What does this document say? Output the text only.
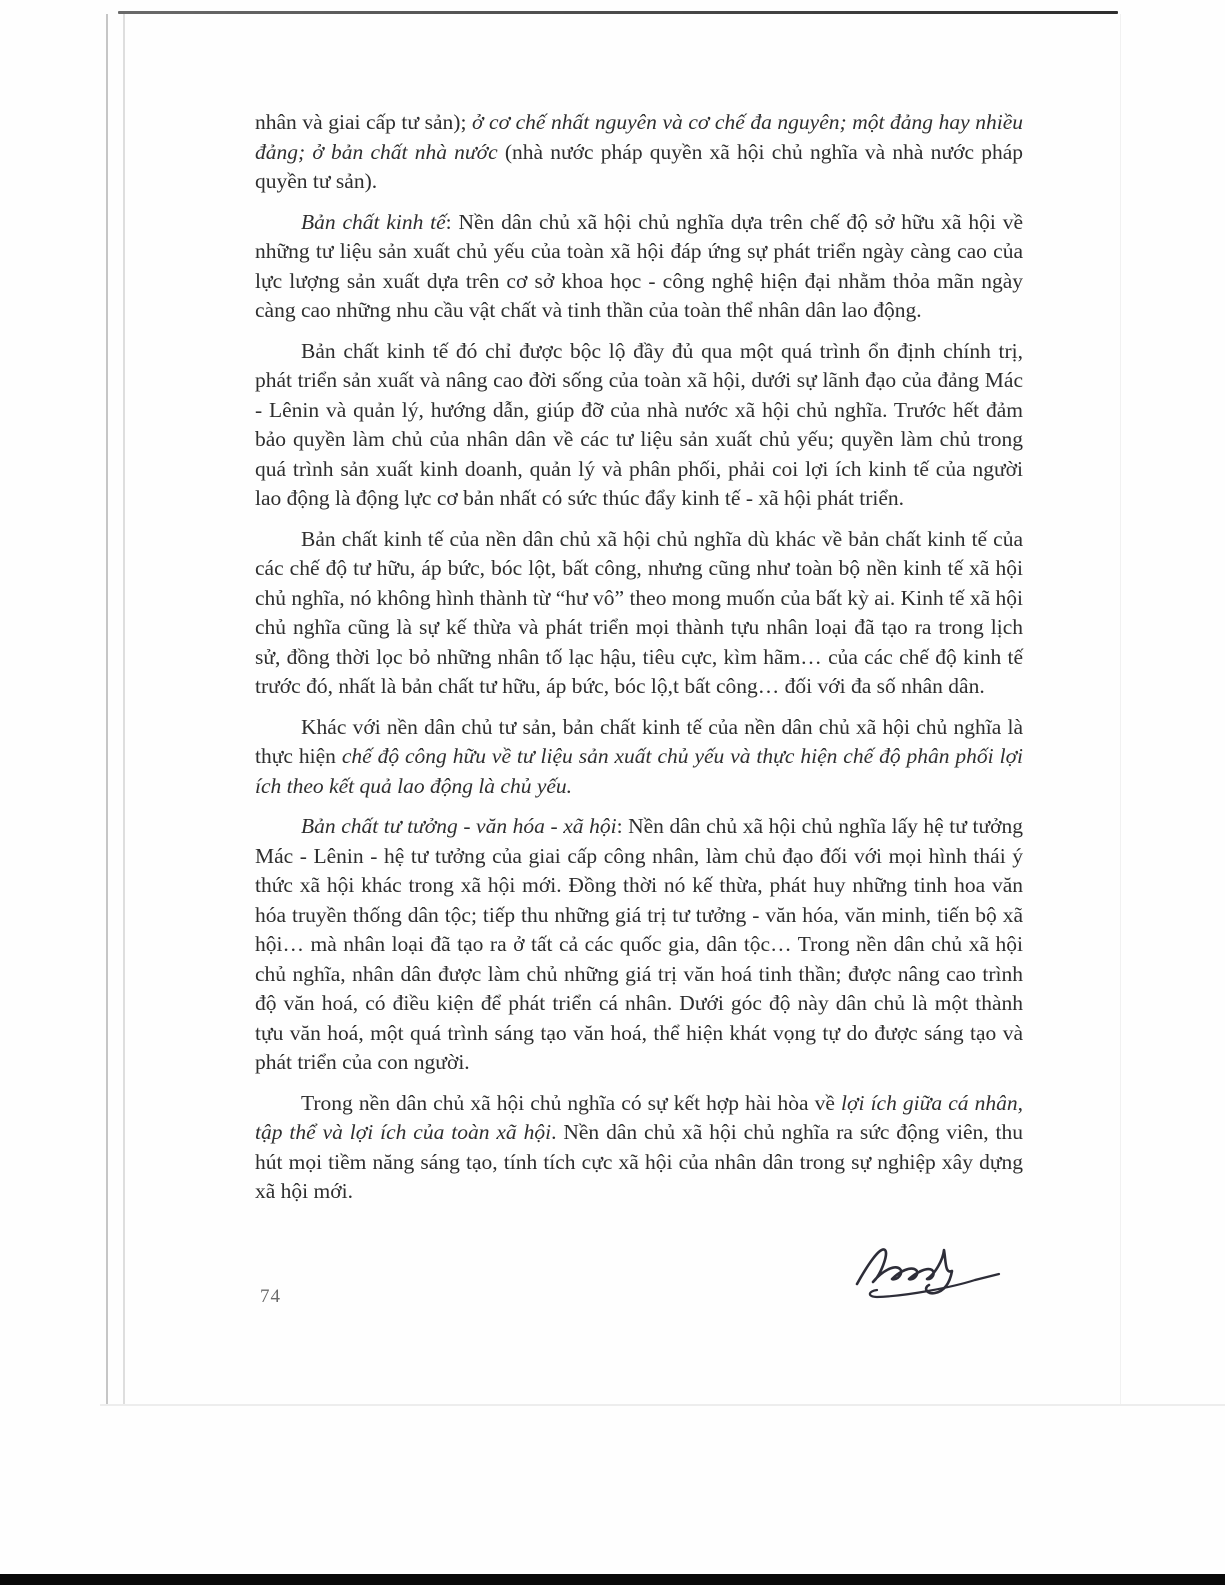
nhân và giai cấp tư sản); ở cơ chế nhất nguyên và cơ chế đa nguyên; một đảng hay nhiều đảng; ở bản chất nhà nước (nhà nước pháp quyền xã hội chủ nghĩa và nhà nước pháp quyền tư sản).

Bản chất kinh tế: Nền dân chủ xã hội chủ nghĩa dựa trên chế độ sở hữu xã hội về những tư liệu sản xuất chủ yếu của toàn xã hội đáp ứng sự phát triển ngày càng cao của lực lượng sản xuất dựa trên cơ sở khoa học - công nghệ hiện đại nhằm thỏa mãn ngày càng cao những nhu cầu vật chất và tinh thần của toàn thể nhân dân lao động.

Bản chất kinh tế đó chỉ được bộc lộ đầy đủ qua một quá trình ổn định chính trị, phát triển sản xuất và nâng cao đời sống của toàn xã hội, dưới sự lãnh đạo của đảng Mác - Lênin và quản lý, hướng dẫn, giúp đỡ của nhà nước xã hội chủ nghĩa. Trước hết đảm bảo quyền làm chủ của nhân dân về các tư liệu sản xuất chủ yếu; quyền làm chủ trong quá trình sản xuất kinh doanh, quản lý và phân phối, phải coi lợi ích kinh tế của người lao động là động lực cơ bản nhất có sức thúc đẩy kinh tế - xã hội phát triển.

Bản chất kinh tế của nền dân chủ xã hội chủ nghĩa dù khác về bản chất kinh tế của các chế độ tư hữu, áp bức, bóc lột, bất công, nhưng cũng như toàn bộ nền kinh tế xã hội chủ nghĩa, nó không hình thành từ “hư vô” theo mong muốn của bất kỳ ai. Kinh tế xã hội chủ nghĩa cũng là sự kế thừa và phát triển mọi thành tựu nhân loại đã tạo ra trong lịch sử, đồng thời lọc bỏ những nhân tố lạc hậu, tiêu cực, kìm hãm… của các chế độ kinh tế trước đó, nhất là bản chất tư hữu, áp bức, bóc lộ,t bất công… đối với đa số nhân dân.

Khác với nền dân chủ tư sản, bản chất kinh tế của nền dân chủ xã hội chủ nghĩa là thực hiện chế độ công hữu về tư liệu sản xuất chủ yếu và thực hiện chế độ phân phối lợi ích theo kết quả lao động là chủ yếu.

Bản chất tư tưởng - văn hóa - xã hội: Nền dân chủ xã hội chủ nghĩa lấy hệ tư tưởng Mác - Lênin - hệ tư tưởng của giai cấp công nhân, làm chủ đạo đối với mọi hình thái ý thức xã hội khác trong xã hội mới. Đồng thời nó kế thừa, phát huy những tinh hoa văn hóa truyền thống dân tộc; tiếp thu những giá trị tư tưởng - văn hóa, văn minh, tiến bộ xã hội… mà nhân loại đã tạo ra ở tất cả các quốc gia, dân tộc… Trong nền dân chủ xã hội chủ nghĩa, nhân dân được làm chủ những giá trị văn hoá tinh thần; được nâng cao trình độ văn hoá, có điều kiện để phát triển cá nhân. Dưới góc độ này dân chủ là một thành tựu văn hoá, một quá trình sáng tạo văn hoá, thể hiện khát vọng tự do được sáng tạo và phát triển của con người.

Trong nền dân chủ xã hội chủ nghĩa có sự kết hợp hài hòa về lợi ích giữa cá nhân, tập thể và lợi ích của toàn xã hội. Nền dân chủ xã hội chủ nghĩa ra sức động viên, thu hút mọi tiềm năng sáng tạo, tính tích cực xã hội của nhân dân trong sự nghiệp xây dựng xã hội mới.

74
